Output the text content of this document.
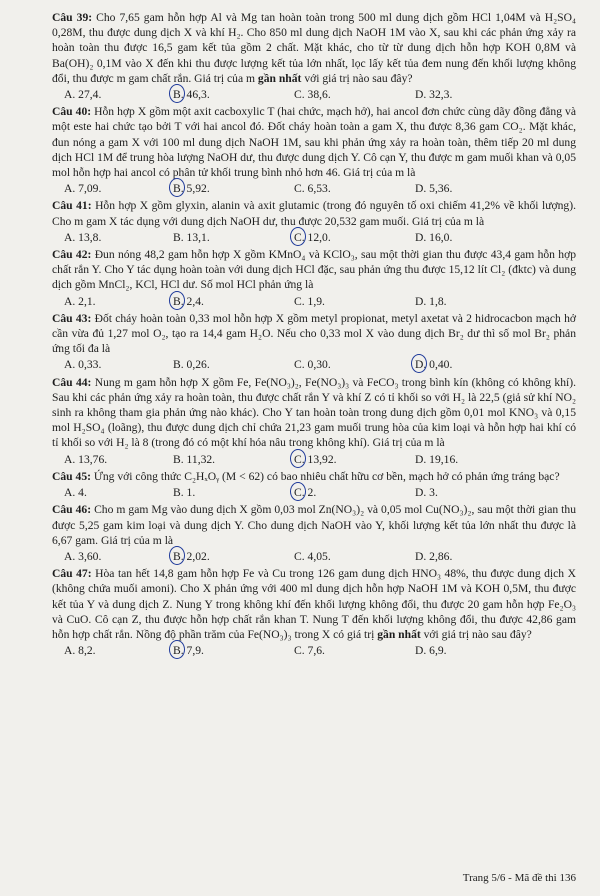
Câu 39: Cho 7,65 gam hỗn hợp Al và Mg tan hoàn toàn trong 500 ml dung dịch gồm HCl 1,04M và H₂SO₄ 0,28M, thu được dung dịch X và khí H₂. Cho 850 ml dung dịch NaOH 1M vào X, sau khi các phản ứng xảy ra hoàn toàn thu được 16,5 gam kết tủa gồm 2 chất. Mặt khác, cho từ từ dung dịch hỗn hợp KOH 0,8M và Ba(OH)₂ 0,1M vào X đến khi thu được lượng kết tủa lớn nhất, lọc lấy kết tủa đem nung đến khối lượng không đổi, thu được m gam chất rắn. Giá trị của m gần nhất với giá trị nào sau đây?
A. 27,4.	B. 46,3.	C. 38,6.	D. 32,3.
Câu 40: Hỗn hợp X gồm một axit cacboxylic T (hai chức, mạch hở), hai ancol đơn chức cùng dãy đồng đẳng và một este hai chức tạo bởi T với hai ancol đó. Đốt cháy hoàn toàn a gam X, thu được 8,36 gam CO₂. Mặt khác, đun nóng a gam X với 100 ml dung dịch NaOH 1M, sau khi phản ứng xảy ra hoàn toàn, thêm tiếp 20 ml dung dịch HCl 1M để trung hòa lượng NaOH dư, thu được dung dịch Y. Cô cạn Y, thu được m gam muối khan và 0,05 mol hỗn hợp hai ancol có phân tử khối trung bình nhỏ hơn 46. Giá trị của m là
A. 7,09.	B. 5,92.	C. 6,53.	D. 5,36.
Câu 41: Hỗn hợp X gồm glyxin, alanin và axit glutamic (trong đó nguyên tố oxi chiếm 41,2% về khối lượng). Cho m gam X tác dụng với dung dịch NaOH dư, thu được 20,532 gam muối. Giá trị của m là
A. 13,8.	B. 13,1.	C. 12,0.	D. 16,0.
Câu 42: Đun nóng 48,2 gam hỗn hợp X gồm KMnO₄ và KClO₃, sau một thời gian thu được 43,4 gam hỗn hợp chất rắn Y. Cho Y tác dụng hoàn toàn với dung dịch HCl đặc, sau phản ứng thu được 15,12 lít Cl₂ (đktc) và dung dịch gồm MnCl₂, KCl, HCl dư. Số mol HCl phản ứng là
A. 2,1.	B. 2,4.	C. 1,9.	D. 1,8.
Câu 43: Đốt cháy hoàn toàn 0,33 mol hỗn hợp X gồm metyl propionat, metyl axetat và 2 hidrocacbon mạch hở cần vừa đủ 1,27 mol O₂, tạo ra 14,4 gam H₂O. Nếu cho 0,33 mol X vào dung dịch Br₂ dư thì số mol Br₂ phản ứng tối đa là
A. 0,33.	B. 0,26.	C. 0,30.	D. 0,40.
Câu 44: Nung m gam hỗn hợp X gồm Fe, Fe(NO₃)₂, Fe(NO₃)₃ và FeCO₃ trong bình kín (không có không khí). Sau khi các phản ứng xảy ra hoàn toàn, thu được chất rắn Y và khí Z có tỉ khối so với H₂ là 22,5 (giả sử khí NO₂ sinh ra không tham gia phản ứng nào khác). Cho Y tan hoàn toàn trong dung dịch gồm 0,01 mol KNO₃ và 0,15 mol H₂SO₄ (loãng), thu được dung dịch chỉ chứa 21,23 gam muối trung hòa của kim loại và hỗn hợp hai khí có tỉ khối so với H₂ là 8 (trong đó có một khí hóa nâu trong không khí). Giá trị của m là
A. 13,76.	B. 11,32.	C. 13,92.	D. 19,16.
Câu 45: Ứng với công thức C₂HₓOᵧ (M < 62) có bao nhiêu chất hữu cơ bền, mạch hở có phản ứng tráng bạc?
A. 4.	B. 1.	C. 2.	D. 3.
Câu 46: Cho m gam Mg vào dung dịch X gồm 0,03 mol Zn(NO₃)₂ và 0,05 mol Cu(NO₃)₂, sau một thời gian thu được 5,25 gam kim loại và dung dịch Y. Cho dung dịch NaOH vào Y, khối lượng kết tủa lớn nhất thu được là 6,67 gam. Giá trị của m là
A. 3,60.	B. 2,02.	C. 4,05.	D. 2,86.
Câu 47: Hòa tan hết 14,8 gam hỗn hợp Fe và Cu trong 126 gam dung dịch HNO₃ 48%, thu được dung dịch X (không chứa muối amoni). Cho X phản ứng với 400 ml dung dịch hỗn hợp NaOH 1M và KOH 0,5M, thu được kết tủa Y và dung dịch Z. Nung Y trong không khí đến khối lượng không đổi, thu được 20 gam hỗn hợp Fe₂O₃ và CuO. Cô cạn Z, thu được hỗn hợp chất rắn khan T. Nung T đến khối lượng không đổi, thu được 42,86 gam hỗn hợp chất rắn. Nồng độ phần trăm của Fe(NO₃)₃ trong X có giá trị gần nhất với giá trị nào sau đây?
A. 8,2.	B. 7,9.	C. 7,6.	D. 6,9.
Trang 5/6 - Mã đề thi 136
